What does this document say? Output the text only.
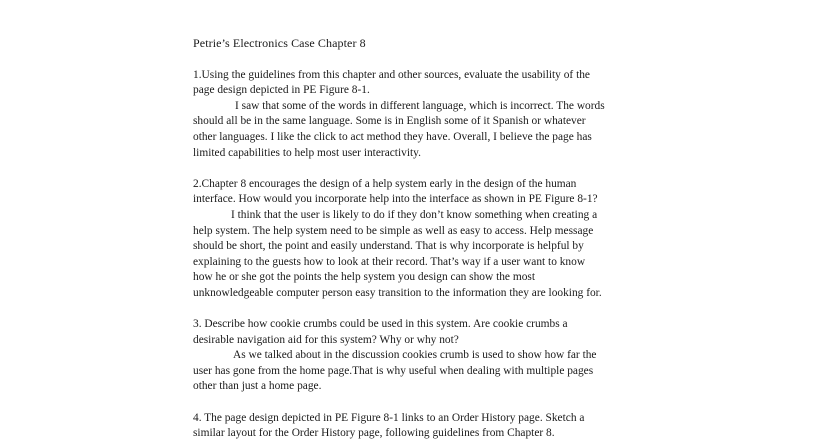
Petrie’s Electronics Case Chapter 8
1.Using the guidelines from this chapter and other sources, evaluate the usability of the
page design depicted in PE Figure 8-1.
I saw that some of the words in different language, which is incorrect. The words
should all be in the same language. Some is in English some of it Spanish or whatever
other languages. I like the click to act method they have. Overall, I believe the page has
limited capabilities to help most user interactivity.
2.Chapter 8 encourages the design of a help system early in the design of the human
interface. How would you incorporate help into the interface as shown in PE Figure 8-1?
I think that the user is likely to do if they don’t know something when creating a
help system. The help system need to be simple as well as easy to access. Help message
should be short, the point and easily understand. That is why incorporate is helpful by
explaining to the guests how to look at their record. That’s way if a user want to know
how he or she got the points the help system you design can show the most
unknowledgeable computer person easy transition to the information they are looking for.
3. Describe how cookie crumbs could be used in this system. Are cookie crumbs a
desirable navigation aid for this system? Why or why not?
As we talked about in the discussion cookies crumb is used to show how far the
user has gone from the home page.That is why useful when dealing with multiple pages
other than just a home page.
4. The page design depicted in PE Figure 8-1 links to an Order History page. Sketch a
similar layout for the Order History page, following guidelines from Chapter 8.
